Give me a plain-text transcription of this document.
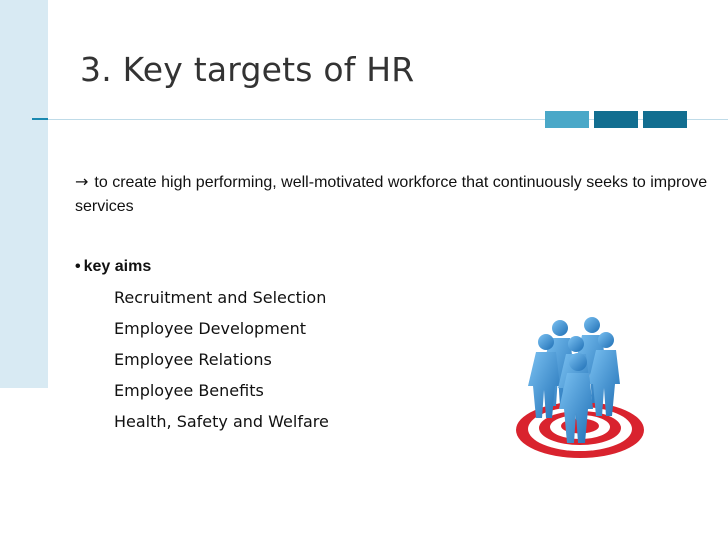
3. Key targets of HR
→ to create high performing, well-motivated workforce that continuously seeks to improve services
• key aims
Recruitment and Selection
Employee Development
Employee Relations
Employee Benefits
Health, Safety and Welfare
